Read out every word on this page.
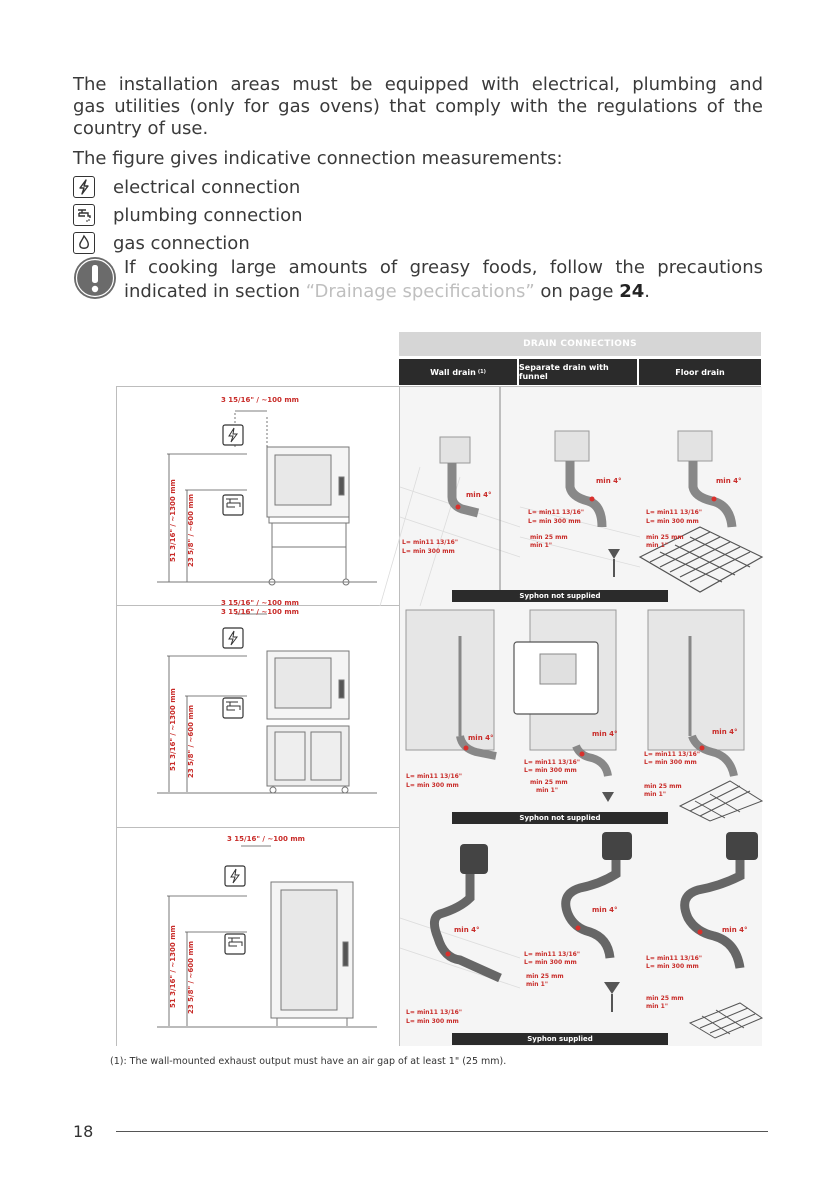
The installation areas must be equipped with electrical, plumbing and
gas utilities (only for gas ovens) that comply with the regulations of the
country of use.
The figure gives indicative connection measurements:
electrical connection
plumbing connection
gas connection
If cooking large amounts of greasy foods, follow the precautions
indicated in section “Drainage specifications” on page 24.
DRAIN CONNECTIONS
Wall drain (1)	Separate drain with funnel	Floor drain
3 15/16" / ~100 mm
51 3/16" / ~1300 mm 23 5/8" / ~600 mm	min 4°
L= min11 13/16"
L= min 300 mm
min 4°
L= min11 13/16"
L= min 300 mm
min 25 mm
min 1"
min 4°
L= min11 13/16"
L= min 300 mm
min 25 mm
min 1"
3 15/16" / ~100 mm
51 3/16" / ~1300 mm 23 5/8" / ~600 mm
3 15/16" / ~100 mm
min 4°
L= min11 13/16"
L= min 300 mm
min 4°
L= min11 13/16"
L= min 300 mm
min 25 mm
min 1"
min 4°
L= min11 13/16"
L= min 300 mm
min 25 mm
min 1"
3 15/16" / ~100 mm
51 3/16" / ~1300 mm 23 5/8" / ~600 mm
min 4°
L= min11 13/16"
L= min 300 mm
min 4°
L= min11 13/16"
L= min 300 mm
min 25 mm
min 1"
min 4°
L= min11 13/16"
L= min 300 mm
min 25 mm
min 1"
Syphon not supplied
Syphon not supplied
Syphon supplied
(1): The wall-mounted exhaust output must have an air gap of at least 1" (25 mm).
18
